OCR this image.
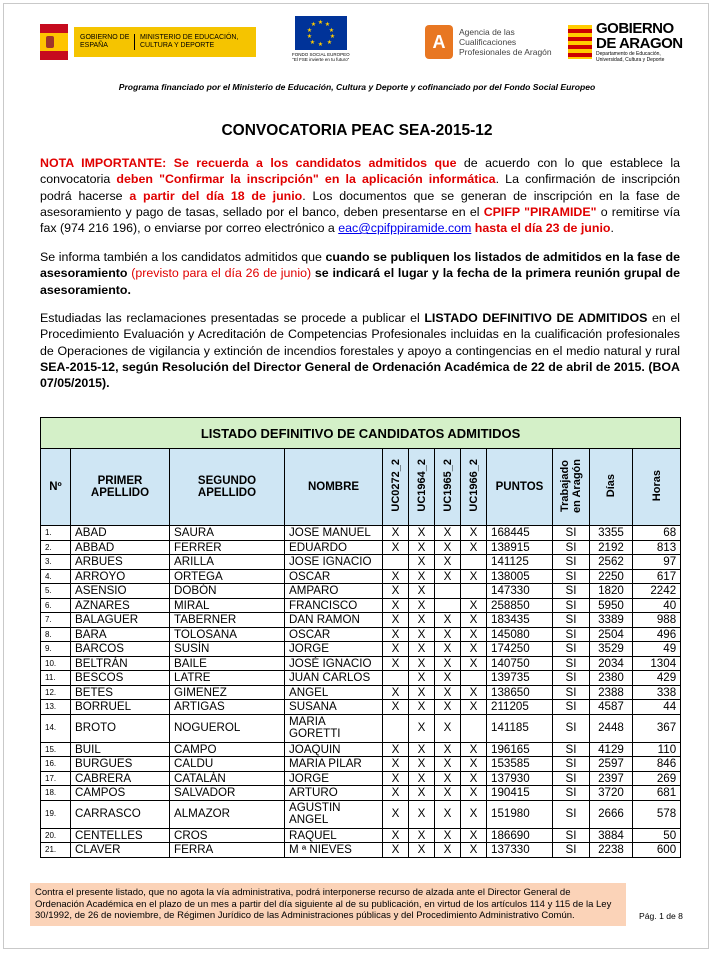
GOBIERNO DE ESPAÑA
MINISTERIO DE EDUCACIÓN, CULTURA Y DEPORTE
★ ★
★
★
★
★
★
★
★
★
FONDO SOCIAL EUROPEO
"El FSE invierte en tu futuro"
A	Agencia de las Cualificaciones Profesionales de Aragón
GOBIERNO DE ARAGON
Departamento de Educación, Universidad, Cultura y Deporte
Programa financiado por el Ministerio de Educación, Cultura y Deporte y cofinanciado por del Fondo Social Europeo
CONVOCATORIA PEAC SEA-2015-12
NOTA IMPORTANTE: Se recuerda a los candidatos admitidos que de acuerdo con lo que establece la convocatoria deben "Confirmar la inscripción" en la aplicación informática. La confirmación de inscripción podrá hacerse a partir del día 18 de junio. Los documentos que se generan de inscripción en la fase de asesoramiento y pago de tasas, sellado por el banco, deben presentarse en el CPIFP "PIRAMIDE" o remitirse vía fax (974 216 196), o enviarse por correo electrónico a eac@cpifppiramide.com hasta el día 23 de junio.
Se informa también a los candidatos admitidos que cuando se publiquen los listados de admitidos en la fase de asesoramiento (previsto para el día 26 de junio) se indicará el lugar y la fecha de la primera reunión grupal de asesoramiento.
Estudiadas las reclamaciones presentadas se procede a publicar el LISTADO DEFINITIVO DE ADMITIDOS en el Procedimiento Evaluación y Acreditación de Competencias Profesionales incluidas en la cualificación profesionales de Operaciones de vigilancia y extinción de incendios forestales y apoyo a contingencias en el medio natural y rural SEA-2015-12, según Resolución del Director General de Ordenación Académica de 22 de abril de 2015. (BOA 07/05/2015).
LISTADO DEFINITIVO DE CANDIDATOS ADMITIDOS											
Nº	PRIMER APELLIDO	SEGUNDO APELLIDO	NOMBRE	UC0272_2	UC1964_2	UC1965_2	UC1966_2	PUNTOS	Trabajado
en Aragón	Días	Horas
1.	ABAD	SAURA	JOSE MANUEL	X	X	X	X	168445	SI	3355	68
2.	ABBAD	FERRER	EDUARDO	X	X	X	X	138915	SI	2192	813
3.	ARBUES	ARILLA	JOSE IGNACIO		X	X		141125	SI	2562	97
4.	ARROYO	ORTEGA	OSCAR	X	X	X	X	138005	SI	2250	617
5.	ASENSIO	DOBÓN	AMPARO	X	X			147330	SI	1820	2242
6.	AZNARES	MIRAL	FRANCISCO	X	X		X	258850	SI	5950	40
7.	BALAGUER	TABERNER	DAN RAMON	X	X	X	X	183435	SI	3389	988
8.	BARA	TOLOSANA	OSCAR	X	X	X	X	145080	SI	2504	496
9.	BARCOS	SUSÍN	JORGE	X	X	X	X	174250	SI	3529	49
10.	BELTRÁN	BAILE	JOSÉ IGNACIO	X	X	X	X	140750	SI	2034	1304
11.	BESCOS	LATRE	JUAN CARLOS		X	X		139735	SI	2380	429
12.	BETES	GIMENEZ	ANGEL	X	X	X	X	138650	SI	2388	338
13.	BORRUEL	ARTIGAS	SUSANA	X	X	X	X	211205	SI	4587	44
14.	BROTO	NOGUEROL	MARIA GORETTI		X	X		141185	SI	2448	367
15.	BUIL	CAMPO	JOAQUIN	X	X	X	X	196165	SI	4129	110
16.	BURGUES	CALDU	MARIA PILAR	X	X	X	X	153585	SI	2597	846
17.	CABRERA	CATALÁN	JORGE	X	X	X	X	137930	SI	2397	269
18.	CAMPOS	SALVADOR	ARTURO	X	X	X	X	190415	SI	3720	681
19.	CARRASCO	ALMAZOR	AGUSTIN ANGEL	X	X	X	X	151980	SI	2666	578
20.	CENTELLES	CROS	RAQUEL	X	X	X	X	186690	SI	3884	50
21.	CLAVER	FERRA	M ª NIEVES	X	X	X	X	137330	SI	2238	600
Contra el presente listado, que no agota la vía administrativa, podrá interponerse recurso de alzada ante el Director General de Ordenación Académica en el plazo de un mes a partir del día siguiente al de su publicación, en virtud de los artículos 114 y 115 de la Ley 30/1992, de 26 de noviembre, de Régimen Jurídico de las Administraciones públicas y del Procedimiento Administrativo Común.	Pág. 1 de 8
